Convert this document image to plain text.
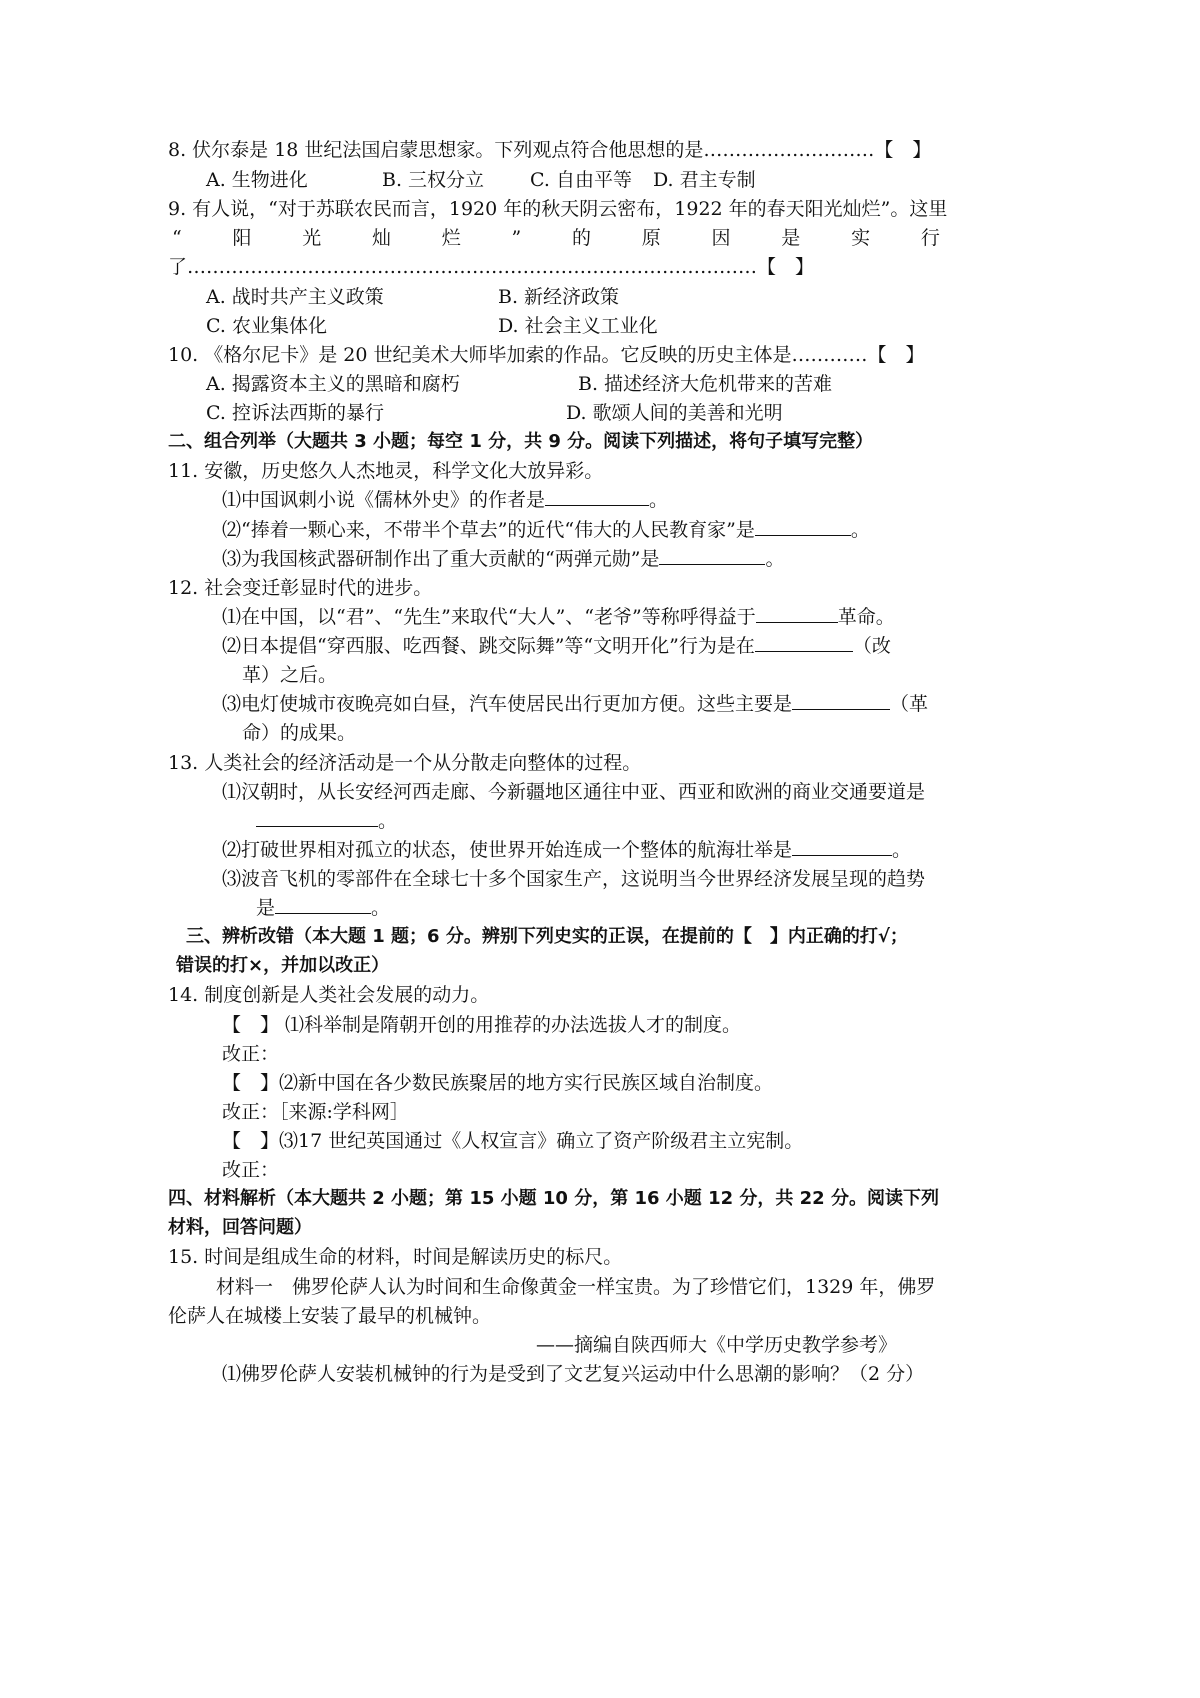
8. 伏尔泰是 18 世纪法国启蒙思想家。下列观点符合他思想的是………………………【　】
A. 生物进化	B. 三权分立 C. 自由平等 D. 君主专制
9. 有人说，“对于苏联农民而言，1920 年的秋天阴云密布，1922 年的春天阳光灿烂”。这里
“	阳	光	灿	烂	”	的	原	因	是	实	行
了………………………………………………………………………………【　】
A. 战时共产主义政策	B. 新经济政策
C. 农业集体化	D. 社会主义工业化
10. 《格尔尼卡》是 20 世纪美术大师毕加索的作品。它反映的历史主体是…………【　】
A. 揭露资本主义的黑暗和腐朽	B. 描述经济大危机带来的苦难
C. 控诉法西斯的暴行	D. 歌颂人间的美善和光明
二、组合列举（大题共 3 小题；每空 1 分，共 9 分。阅读下列描述，将句子填写完整）
11. 安徽，历史悠久人杰地灵，科学文化大放异彩。
⑴中国讽刺小说《儒林外史》的作者是	。
⑵“捧着一颗心来，不带半个草去”的近代“伟大的人民教育家”是	。
⑶为我国核武器研制作出了重大贡献的“两弹元勋”是	。
12. 社会变迁彰显时代的进步。
⑴在中国，以“君”、“先生”来取代“大人”、“老爷”等称呼得益于	革命。
⑵日本提倡“穿西服、吃西餐、跳交际舞”等“文明开化”行为是在	（改
革）之后。
⑶电灯使城市夜晚亮如白昼，汽车使居民出行更加方便。这些主要是	（革
命）的成果。
13. 人类社会的经济活动是一个从分散走向整体的过程。
⑴汉朝时，从长安经河西走廊、今新疆地区通往中亚、西亚和欧洲的商业交通要道是
。
⑵打破世界相对孤立的状态，使世界开始连成一个整体的航海壮举是	。
⑶波音飞机的零部件在全球七十多个国家生产，这说明当今世界经济发展呈现的趋势
是	。
三、辨析改错（本大题 1 题；6 分。辨别下列史实的正误，在提前的【　】内正确的打√；
错误的打×，并加以改正）
14. 制度创新是人类社会发展的动力。
【　】 ⑴科举制是隋朝开创的用推荐的办法选拔人才的制度。
改正：
【　】⑵新中国在各少数民族聚居的地方实行民族区域自治制度。
改正：［来源:学科网］
【　】⑶17 世纪英国通过《人权宣言》确立了资产阶级君主立宪制。
改正：
四、材料解析（本大题共 2 小题；第 15 小题 10 分，第 16 小题 12 分，共 22 分。阅读下列
材料，回答问题）
15. 时间是组成生命的材料，时间是解读历史的标尺。
材料一　佛罗伦萨人认为时间和生命像黄金一样宝贵。为了珍惜它们，1329 年，佛罗
伦萨人在城楼上安装了最早的机械钟。
——摘编自陕西师大《中学历史教学参考》
⑴佛罗伦萨人安装机械钟的行为是受到了文艺复兴运动中什么思潮的影响？（2 分）
